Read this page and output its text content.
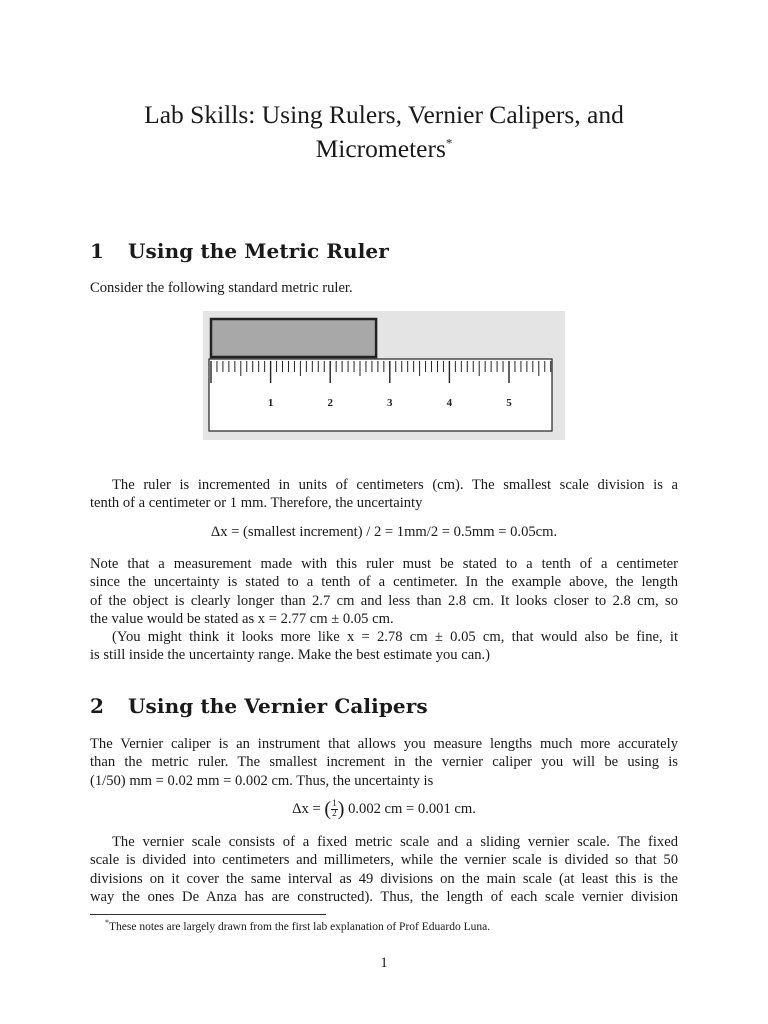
Lab Skills: Using Rulers, Vernier Calipers, and
Micrometers*
1 Using the Metric Ruler
Consider the following standard metric ruler.
1	2	3	4	5
The ruler is incremented in units of centimeters (cm). The smallest scale division is a
tenth of a centimeter or 1 mm. Therefore, the uncertainty
Δx = (smallest increment) / 2 = 1mm/2 = 0.5mm = 0.05cm.
Note that a measurement made with this ruler must be stated to a tenth of a centimeter
since the uncertainty is stated to a tenth of a centimeter. In the example above, the length
of the object is clearly longer than 2.7 cm and less than 2.8 cm. It looks closer to 2.8 cm, so
the value would be stated as x = 2.77 cm ± 0.05 cm.
(You might think it looks more like x = 2.78 cm ± 0.05 cm, that would also be fine, it
is still inside the uncertainty range. Make the best estimate you can.)
2 Using the Vernier Calipers
The Vernier caliper is an instrument that allows you measure lengths much more accurately
than the metric ruler. The smallest increment in the vernier caliper you will be using is
(1/50) mm = 0.02 mm = 0.002 cm. Thus, the uncertainty is
Δx = ( $\frac{1}{2}$ ) 0.002 cm = 0.001 cm.
The vernier scale consists of a fixed metric scale and a sliding vernier scale. The fixed
scale is divided into centimeters and millimeters, while the vernier scale is divided so that 50
divisions on it cover the same interval as 49 divisions on the main scale (at least this is the
way the ones De Anza has are constructed). Thus, the length of each scale vernier division
*These notes are largely drawn from the first lab explanation of Prof Eduardo Luna.
1
